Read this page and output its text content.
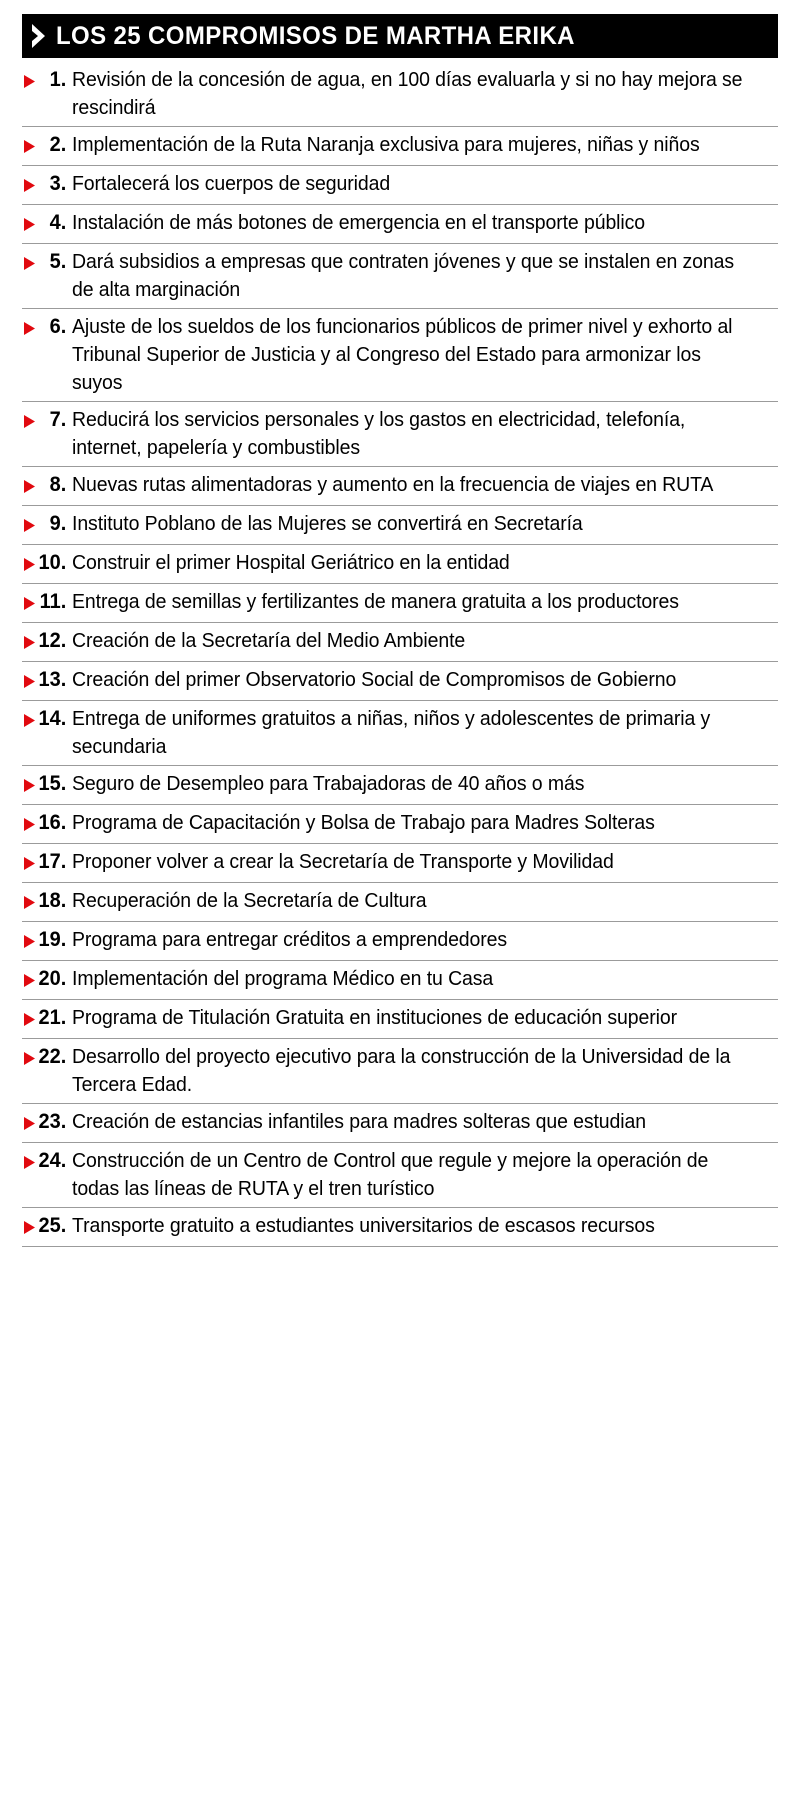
LOS 25 COMPROMISOS DE MARTHA ERIKA
1. Revisión de la concesión de agua, en 100 días evaluarla y si no hay mejora se rescindirá
2. Implementación de la Ruta Naranja exclusiva para mujeres, niñas y niños
3. Fortalecerá los cuerpos de seguridad
4. Instalación de más botones de emergencia en el transporte público
5. Dará subsidios a empresas que contraten jóvenes y que se instalen en zonas de alta marginación
6. Ajuste de los sueldos de los funcionarios públicos de primer nivel y exhorto al Tribunal Superior de Justicia y al Congreso del Estado para armonizar los suyos
7. Reducirá los servicios personales y los gastos en electricidad, telefonía, internet, papelería y combustibles
8. Nuevas rutas alimentadoras y aumento en la frecuencia de viajes en RUTA
9. Instituto Poblano de las Mujeres se convertirá en Secretaría
10. Construir el primer Hospital Geriátrico en la entidad
11. Entrega de semillas y fertilizantes de manera gratuita a los productores
12. Creación de la Secretaría del Medio Ambiente
13. Creación del primer Observatorio Social de Compromisos de Gobierno
14. Entrega de uniformes gratuitos a niñas, niños y adolescentes de primaria y secundaria
15. Seguro de Desempleo para Trabajadoras de 40 años o más
16. Programa de Capacitación y Bolsa de Trabajo para Madres Solteras
17. Proponer volver a crear la Secretaría de Transporte y Movilidad
18. Recuperación de la Secretaría de Cultura
19. Programa para entregar créditos a emprendedores
20. Implementación del programa Médico en tu Casa
21. Programa de Titulación Gratuita en instituciones de educación superior
22. Desarrollo del proyecto ejecutivo para la construcción de la Universidad de la Tercera Edad.
23. Creación de estancias infantiles para madres solteras que estudian
24. Construcción de un Centro de Control que regule y mejore la operación de todas las líneas de RUTA y el tren turístico
25. Transporte gratuito a estudiantes universitarios de escasos recursos
